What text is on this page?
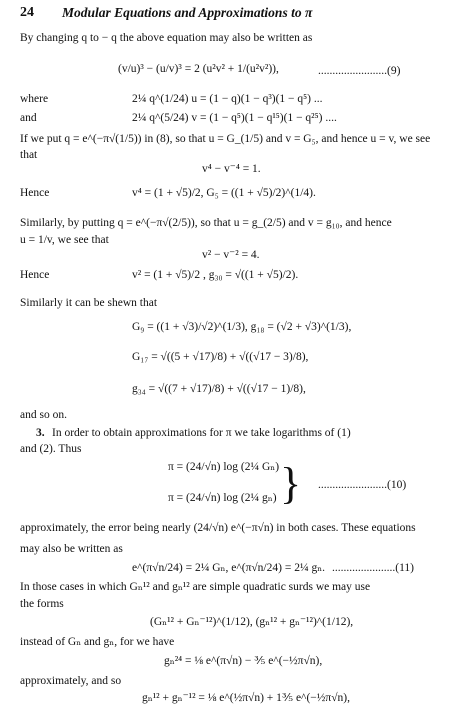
24 Modular Equations and Approximations to π
By changing q to − q the above equation may also be written as
(v/u)³ − (u/v)³ = 2 (u²v² + 1/(u²v²)),	........................(9)
where	2¼ q^(1/24) u = (1 − q)(1 − q³)(1 − q⁵) ...
and	2¼ q^(5/24) v = (1 − q⁵)(1 − q¹⁵)(1 − q²⁵) ....
If we put q = e^(−π√(1/5)) in (8), so that u = G_(1/5) and v = G₅, and hence u = v, we see
that
v⁴ − v⁻⁴ = 1.
Hence	v⁴ = (1 + √5)/2, G₅ = ((1 + √5)/2)^(1/4).
Similarly, by putting q = e^(−π√(2/5)), so that u = g_(2/5) and v = g₁₀, and hence
u = 1/v, we see that
v² − v⁻² = 4.
Hence	v² = (1 + √5)/2 , g₃₀ = √((1 + √5)/2).
Similarly it can be shewn that
G₉ = ((1 + √3)/√2)^(1/3), g₁₈ = (√2 + √3)^(1/3),
G₁₇ = √((5 + √17)/8) + √((√17 − 3)/8),
g₃₄ = √((7 + √17)/8) + √((√17 − 1)/8),
and so on.
3. In order to obtain approximations for π we take logarithms of (1)
and (2). Thus
π = (24/√n) log (2¼ Gₙ)
π = (24/√n) log (2¼ gₙ) } ........................(10)
approximately, the error being nearly (24/√n) e^(−π√n) in both cases. These equations
may also be written as
e^(π√n/24) = 2¼ Gₙ, e^(π√n/24) = 2¼ gₙ. ......................(11)
In those cases in which Gₙ¹² and gₙ¹² are simple quadratic surds we may use
the forms
(Gₙ¹² + Gₙ⁻¹²)^(1/12), (gₙ¹² + gₙ⁻¹²)^(1/12),
instead of Gₙ and gₙ, for we have
gₙ²⁴ = ⅛ e^(π√n) − ⅗ e^(−½π√n),
approximately, and so
gₙ¹² + gₙ⁻¹² = ⅛ e^(½π√n) + 1⅗ e^(−½π√n),
